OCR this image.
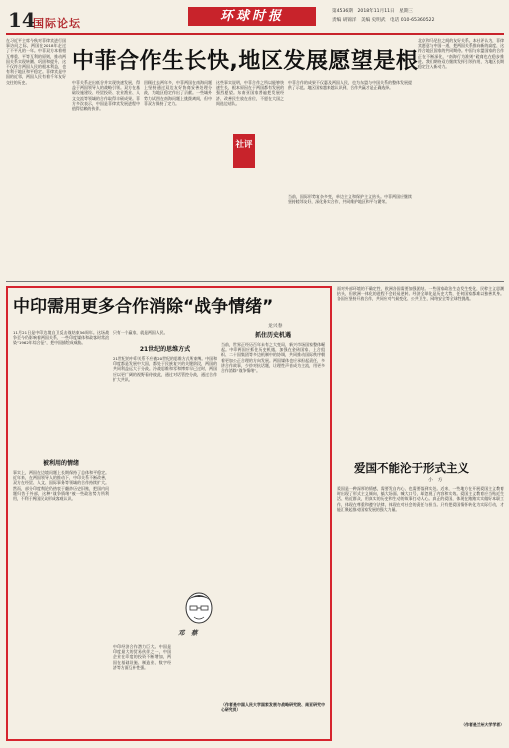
14
国际论坛	环球时报	第4536期　2018年11月11日　星期三
责编 胡锦洋　美编 史明武　电话 010-65360522
在习近平主席今秋对菲律宾进行国事访问之际，两国在2018年走过了不平凡的一年。中菲双方本着相互尊重、平等互利的原则，推动两国关系实现转圜、巩固和提升，这不仅符合两国人民的根本利益，也有利于地区和平稳定。菲律宾是中国的近邻，两国人民有着千年友好交往的历史。
中菲合作生长快,地区发展愿望是根
中菲关系走出低谷并实现快速发展，得益于两国领导人的战略引领。双方在基础设施建设、经贸投资、农业渔业、人文交流等领域的合作取得丰硕成果。菲方多次表示，中国是菲律宾发展进程中值得信赖的伙伴。
回顾过去两年多，中菲两国在南海问题上坚持通过双边友好协商妥善处理分歧，为地区稳定作出了贡献。一些域外势力试图在南海问题上挑拨离间，但中菲双方保持了定力。
这些事实说明，中菲合作之所以能够快速生长，根本原因在于两国都有发展的强烈愿望。东南亚国家普遍把发展经济、改善民生放在首位，不愿在大国之间选边站队。
社评
中菲合作的成果不仅惠及两国人民，也为东盟与中国关系的整体发展提供了示范。地区国家越来越认识到，合作共赢才是正确选择。
当前，国际形势复杂多变，单边主义和保护主义抬头。中菲两国应继续坚持睦邻友好，深化务实合作，共同维护地区和平与繁荣。
北京和马尼拉之间的友好关系。本社评认为，菲律宾愿意与中国一道，把两国关系推向新的高度，这符合地区国家的共同期待。中国与东盟国家的合作正在不断深化，“南海行为准则”磋商也在稳步推进。我们期待双方继续发挥引领作用，为地区长期稳定注入新动力。
中印需用更多合作消除“战争情绪”
龙兴春
11月21日是中印边境自卫反击战结束56周年。这场战争至今仍影响着两国关系，一些印度媒体和政客时常渲染“1962年综合征”，把中国描绘成威胁。
被利用的情绪
事实上，两国在边境问题上长期保持了总体和平稳定。近年来，在两国领导人的推动下，中印关系不断改善，双方在经贸、人文、国际事务等领域的合作持续扩大。然而，部分印度舆论仍热衷于翻炒历史旧账，把国内问题归咎于外部，这种“战争情绪”被一些政治势力所利用，不利于两国民众形成客观认识。
只有一个赢家，就是两国人民。
21世纪的思维方式
21世纪的中印关系不应被20世纪的思维方式所束缚。中国和印度都是发展中大国，都处于民族复兴的关键阶段，两国的共同利益远大于分歧。冷战思维和零和博弈早已过时，两国应以更广阔的视野看待彼此，通过对话管控分歧，通过合作扩大共识。
中印经济合作潜力巨大。中国是印度最大的贸易伙伴之一，中国企业在印度的投资不断增加，两国在基础设施、制造业、数字经济等方面互补性强。
邓　蔡
抓住历史机遇
当前，世界正经历百年未有之大变局，新兴市场国家整体崛起。中印两国应抓住历史机遇，加强在金砖国家、上合组织、二十国集团等多边机制中的协调，共同推动国际秩序朝着更加公正合理的方向发展。两国媒体也应承担起责任，多讲合作故事，少炒对抗话题，让理性声音成为主流，用更多合作消除“战争情绪”。
（作者是中国人民大学国家发展与战略研究院、南亚研究中心研究员）
面对外部环境的不确定性，欧洲各国需要加强团结。一些国家政治生态发生变化，民粹主义思潮抬头，但欧洲一体化的进程不会轻易逆转。经济全球化是历史大势，任何国家都难以独善其身。各国应坚持开放合作，共同应对气候变化、公共卫生、网络安全等全球性挑战。
爱国不能沦于形式主义
小　方
爱国是一种深厚的情感，需要发自内心，也需要落到实处。近来，一些地方在开展爱国主义教育时出现了形式主义倾向，搞大场面、喊大口号，却忽视了内容和实效。爱国主义教育应当贴近生活、贴近群众，用真实的历史和生动的故事打动人心。真正的爱国，体现在踏踏实实做好本职工作，体现在尊重和遵守法律，体现在对社会的责任与担当。只有把爱国情怀转化为实际行动，才能汇聚起推动国家发展的强大力量。
（作者是兰州大学学者）
